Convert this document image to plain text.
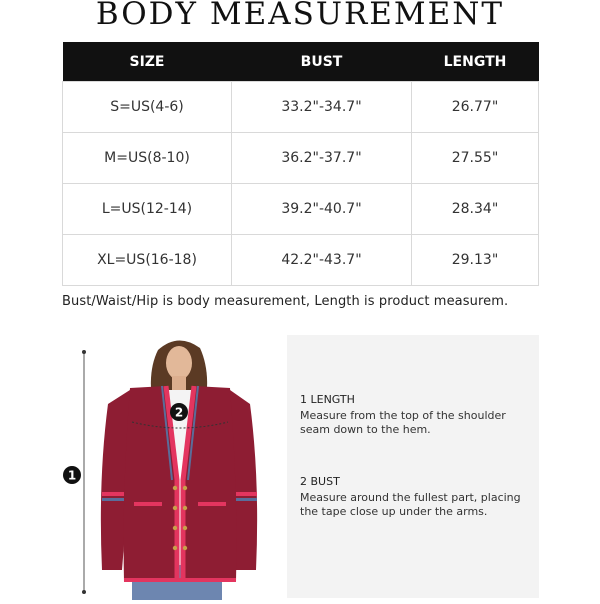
BODY MEASUREMENT
SIZE	BUST	LENGTH
S=US(4-6)	33.2"-34.7"	26.77"
M=US(8-10)	36.2"-37.7"	27.55"
L=US(12-14)	39.2"-40.7"	28.34"
XL=US(16-18)	42.2"-43.7"	29.13"
Bust/Waist/Hip is body measurement, Length is product measurem.
2
1
1 LENGTH
Measure from the top of the shoulder
seam down to the hem.
2 BUST
Measure around the fullest part, placing
the tape close up under the arms.
